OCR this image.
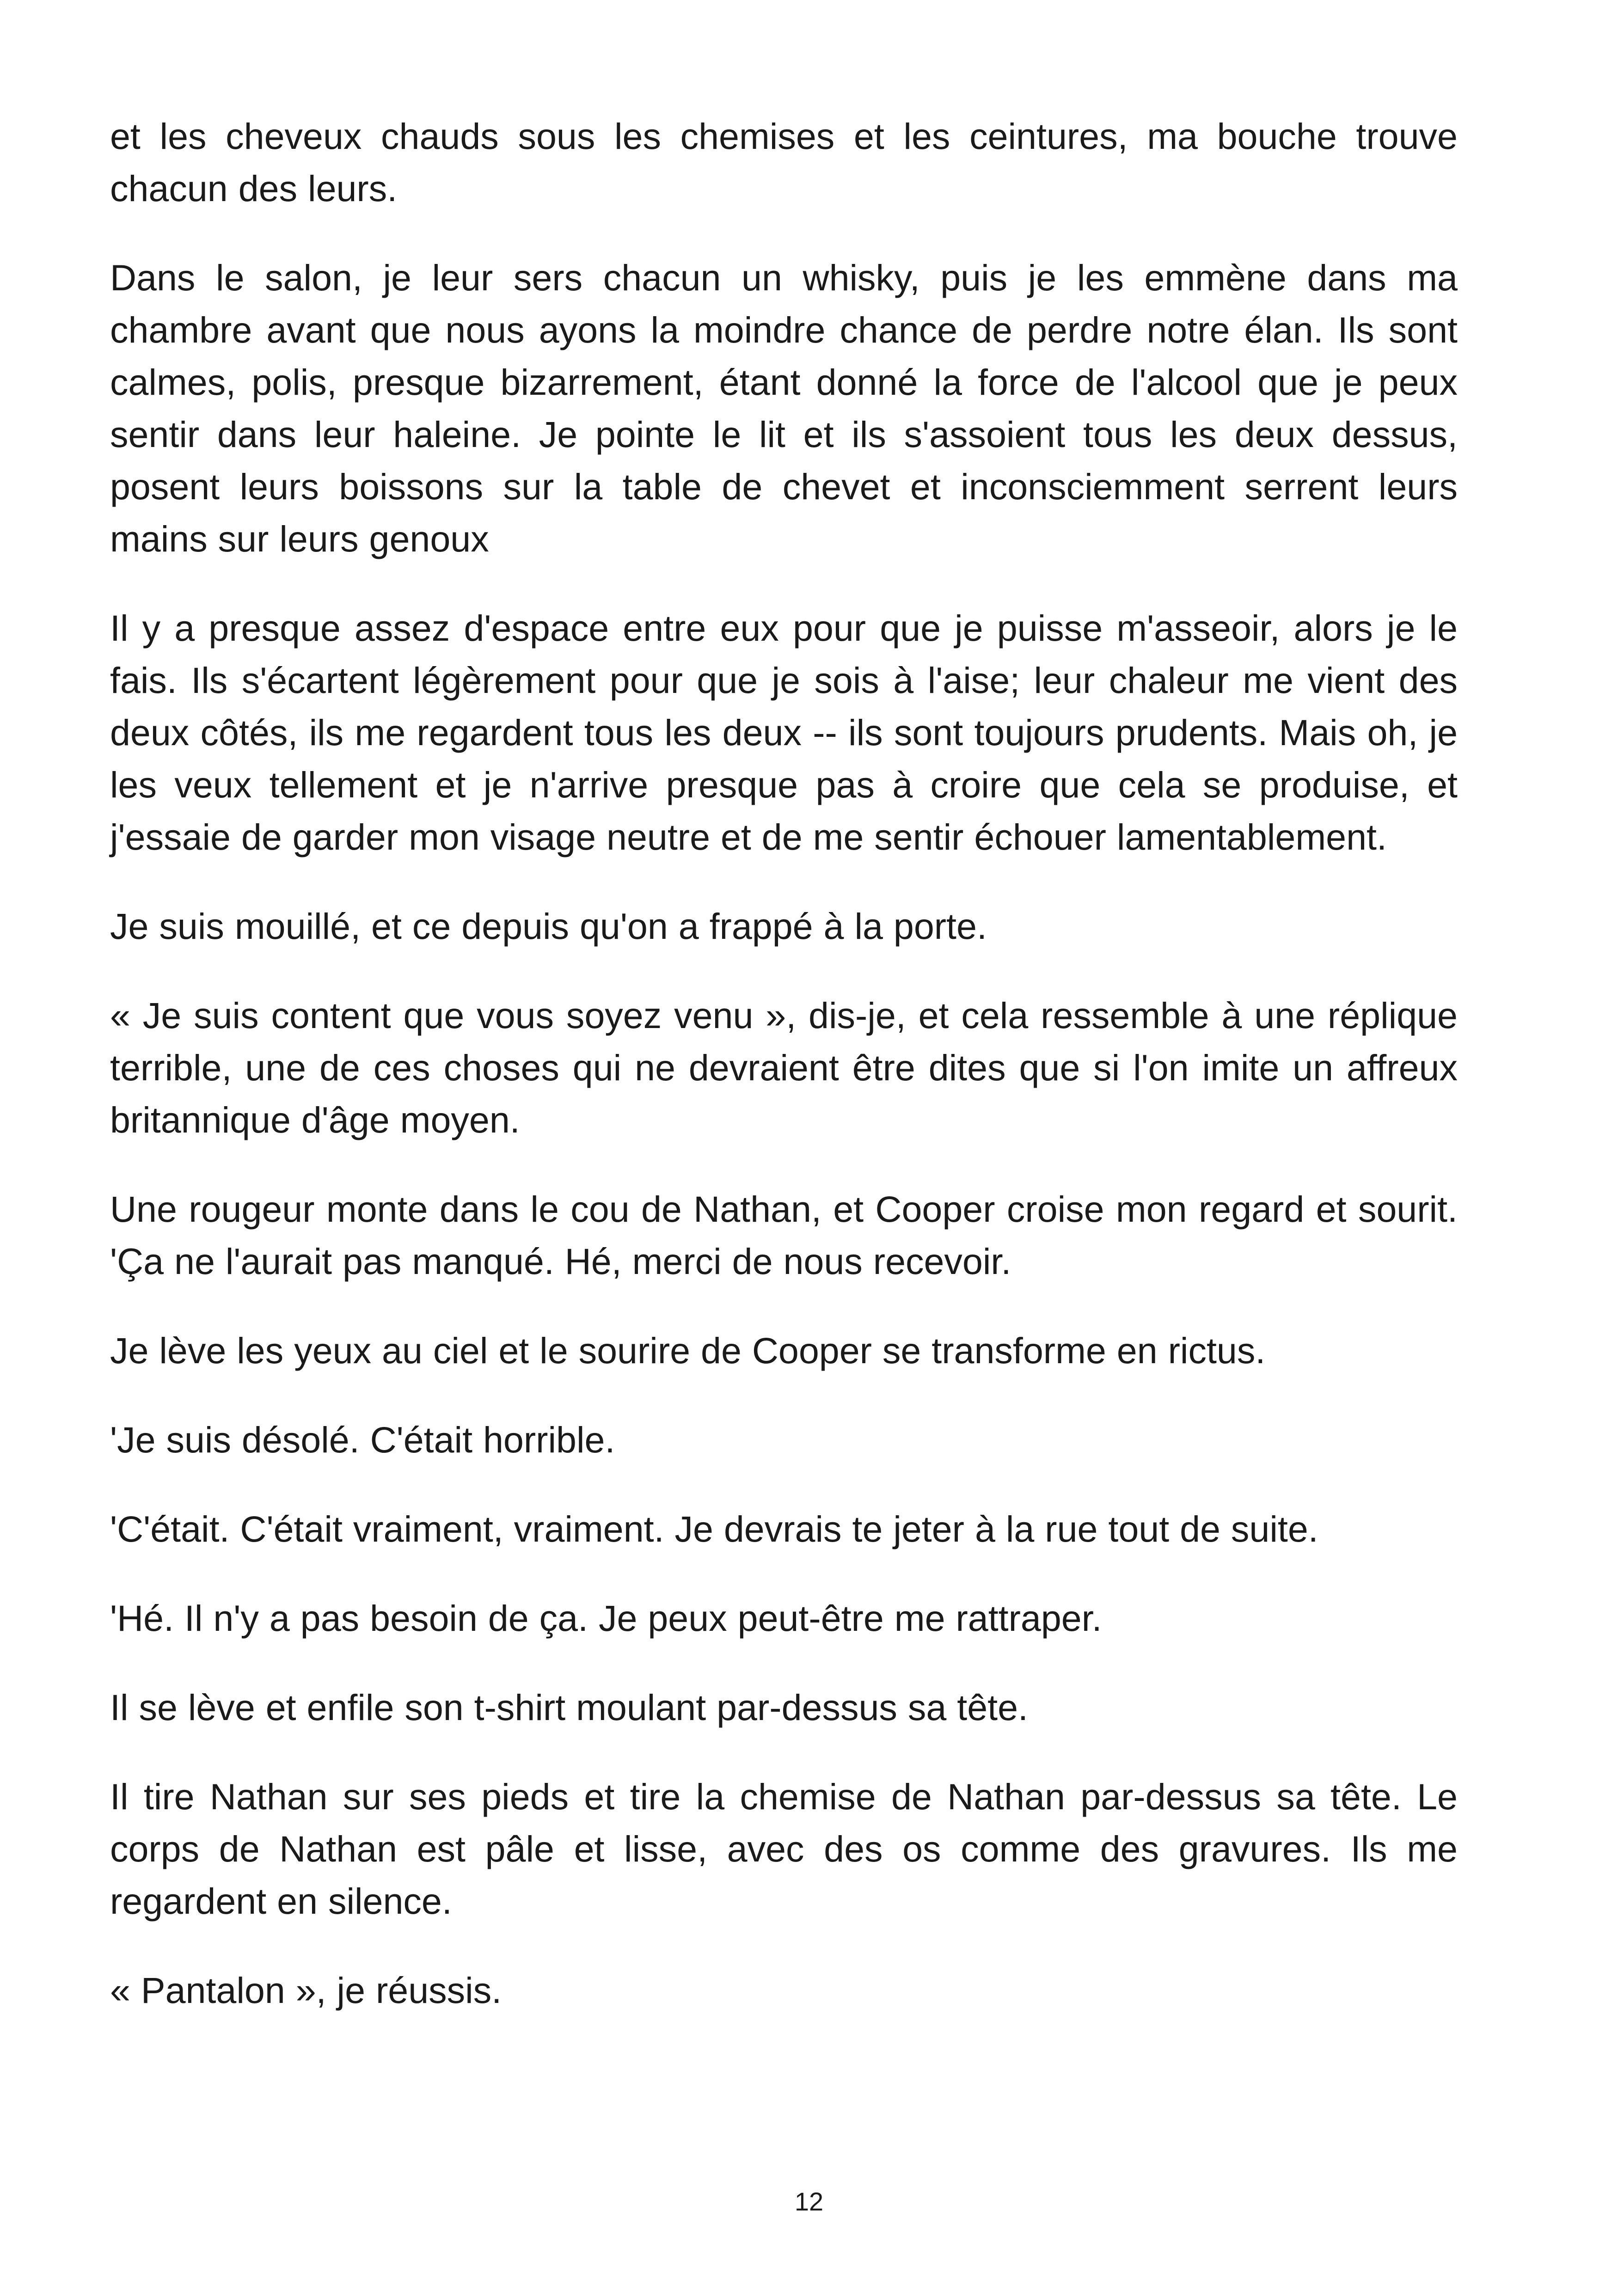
et les cheveux chauds sous les chemises et les ceintures, ma bouche trouve chacun des leurs.

Dans le salon, je leur sers chacun un whisky, puis je les emmène dans ma chambre avant que nous ayons la moindre chance de perdre notre élan. Ils sont calmes, polis, presque bizarrement, étant donné la force de l'alcool que je peux sentir dans leur haleine. Je pointe le lit et ils s'assoient tous les deux dessus, posent leurs boissons sur la table de chevet et inconsciemment serrent leurs mains sur leurs genoux

Il y a presque assez d'espace entre eux pour que je puisse m'asseoir, alors je le fais. Ils s'écartent légèrement pour que je sois à l'aise; leur chaleur me vient des deux côtés, ils me regardent tous les deux -- ils sont toujours prudents. Mais oh, je les veux tellement et je n'arrive presque pas à croire que cela se produise, et j'essaie de garder mon visage neutre et de me sentir échouer lamentablement.

Je suis mouillé, et ce depuis qu'on a frappé à la porte.

« Je suis content que vous soyez venu », dis-je, et cela ressemble à une réplique terrible, une de ces choses qui ne devraient être dites que si l'on imite un affreux britannique d'âge moyen.

Une rougeur monte dans le cou de Nathan, et Cooper croise mon regard et sourit. 'Ça ne l'aurait pas manqué. Hé, merci de nous recevoir.

Je lève les yeux au ciel et le sourire de Cooper se transforme en rictus.

'Je suis désolé. C'était horrible.

'C'était. C'était vraiment, vraiment. Je devrais te jeter à la rue tout de suite.

'Hé. Il n'y a pas besoin de ça. Je peux peut-être me rattraper.

Il se lève et enfile son t-shirt moulant par-dessus sa tête.

Il tire Nathan sur ses pieds et tire la chemise de Nathan par-dessus sa tête. Le corps de Nathan est pâle et lisse, avec des os comme des gravures. Ils me regardent en silence.

« Pantalon », je réussis.

12
